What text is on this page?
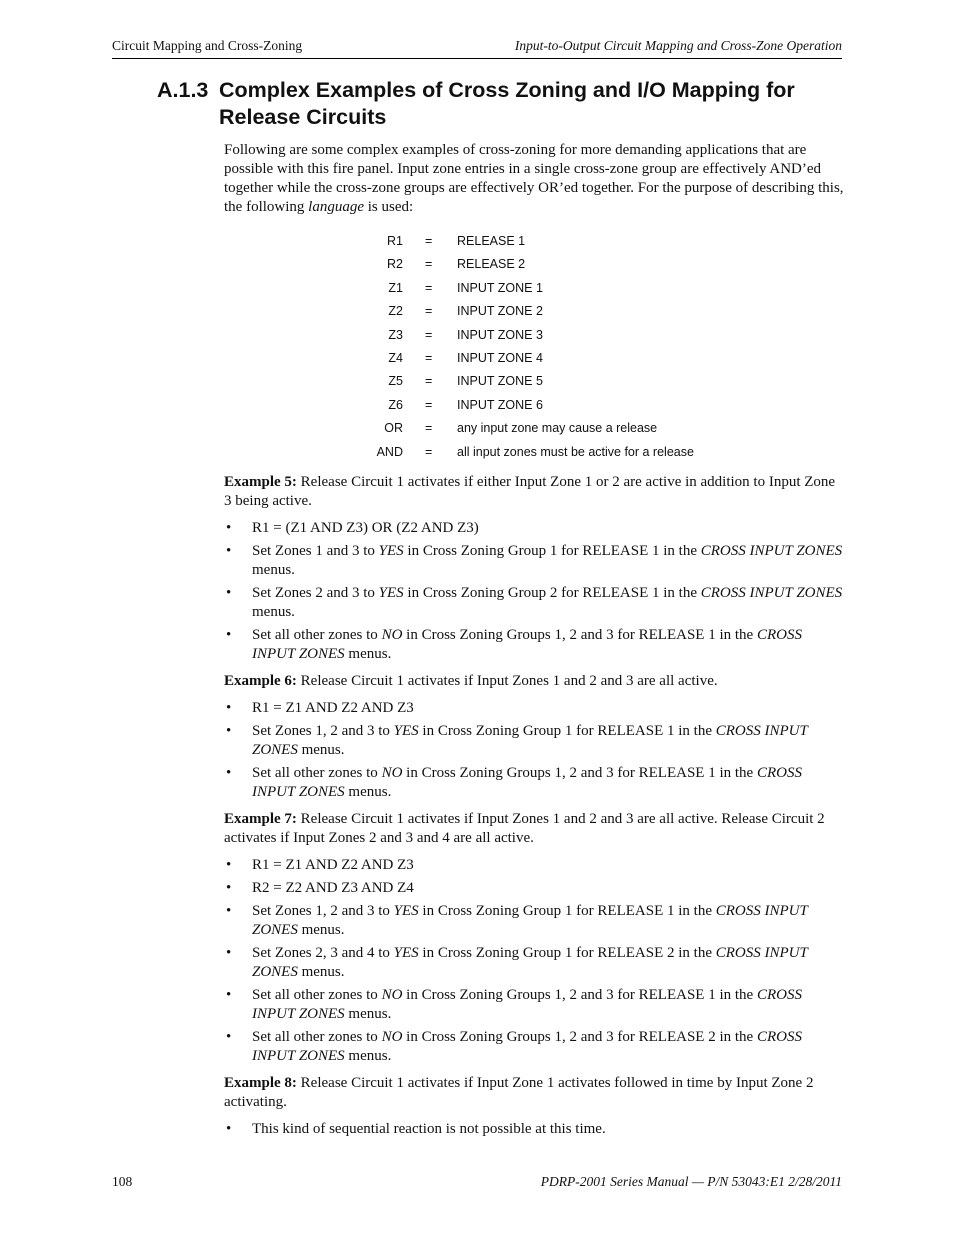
Circuit Mapping and Cross-Zoning	Input-to-Output Circuit Mapping and Cross-Zone Operation
A.1.3 Complex Examples of Cross Zoning and I/O Mapping for
Release Circuits

Following are some complex examples of cross-zoning for more demanding applications that are possible with this fire panel. Input zone entries in a single cross-zone group are effectively AND’ed together while the cross-zone groups are effectively OR’ed together. For the purpose of describing this, the following language is used:

R1 = RELEASE 1
R2 = RELEASE 2
Z1 = INPUT ZONE 1
Z2 = INPUT ZONE 2
Z3 = INPUT ZONE 3
Z4 = INPUT ZONE 4
Z5 = INPUT ZONE 5
Z6 = INPUT ZONE 6
OR = any input zone may cause a release
AND = all input zones must be active for a release

Example 5: Release Circuit 1 activates if either Input Zone 1 or 2 are active in addition to Input Zone 3 being active.

• R1 = (Z1 AND Z3) OR (Z2 AND Z3)
• Set Zones 1 and 3 to YES in Cross Zoning Group 1 for RELEASE 1 in the CROSS INPUT ZONES menus.
• Set Zones 2 and 3 to YES in Cross Zoning Group 2 for RELEASE 1 in the CROSS INPUT ZONES menus.
• Set all other zones to NO in Cross Zoning Groups 1, 2 and 3 for RELEASE 1 in the CROSS INPUT ZONES menus.

Example 6: Release Circuit 1 activates if Input Zones 1 and 2 and 3 are all active.

• R1 = Z1 AND Z2 AND Z3
• Set Zones 1, 2 and 3 to YES in Cross Zoning Group 1 for RELEASE 1 in the CROSS INPUT ZONES menus.
• Set all other zones to NO in Cross Zoning Groups 1, 2 and 3 for RELEASE 1 in the CROSS INPUT ZONES menus.

Example 7: Release Circuit 1 activates if Input Zones 1 and 2 and 3 are all active. Release Circuit 2 activates if Input Zones 2 and 3 and 4 are all active.

• R1 = Z1 AND Z2 AND Z3
• R2 = Z2 AND Z3 AND Z4
• Set Zones 1, 2 and 3 to YES in Cross Zoning Group 1 for RELEASE 1 in the CROSS INPUT ZONES menus.
• Set Zones 2, 3 and 4 to YES in Cross Zoning Group 1 for RELEASE 2 in the CROSS INPUT ZONES menus.
• Set all other zones to NO in Cross Zoning Groups 1, 2 and 3 for RELEASE 1 in the CROSS INPUT ZONES menus.
• Set all other zones to NO in Cross Zoning Groups 1, 2 and 3 for RELEASE 2 in the CROSS INPUT ZONES menus.

Example 8: Release Circuit 1 activates if Input Zone 1 activates followed in time by Input Zone 2 activating.

• This kind of sequential reaction is not possible at this time.
108	PDRP-2001 Series Manual — P/N 53043:E1 2/28/2011
